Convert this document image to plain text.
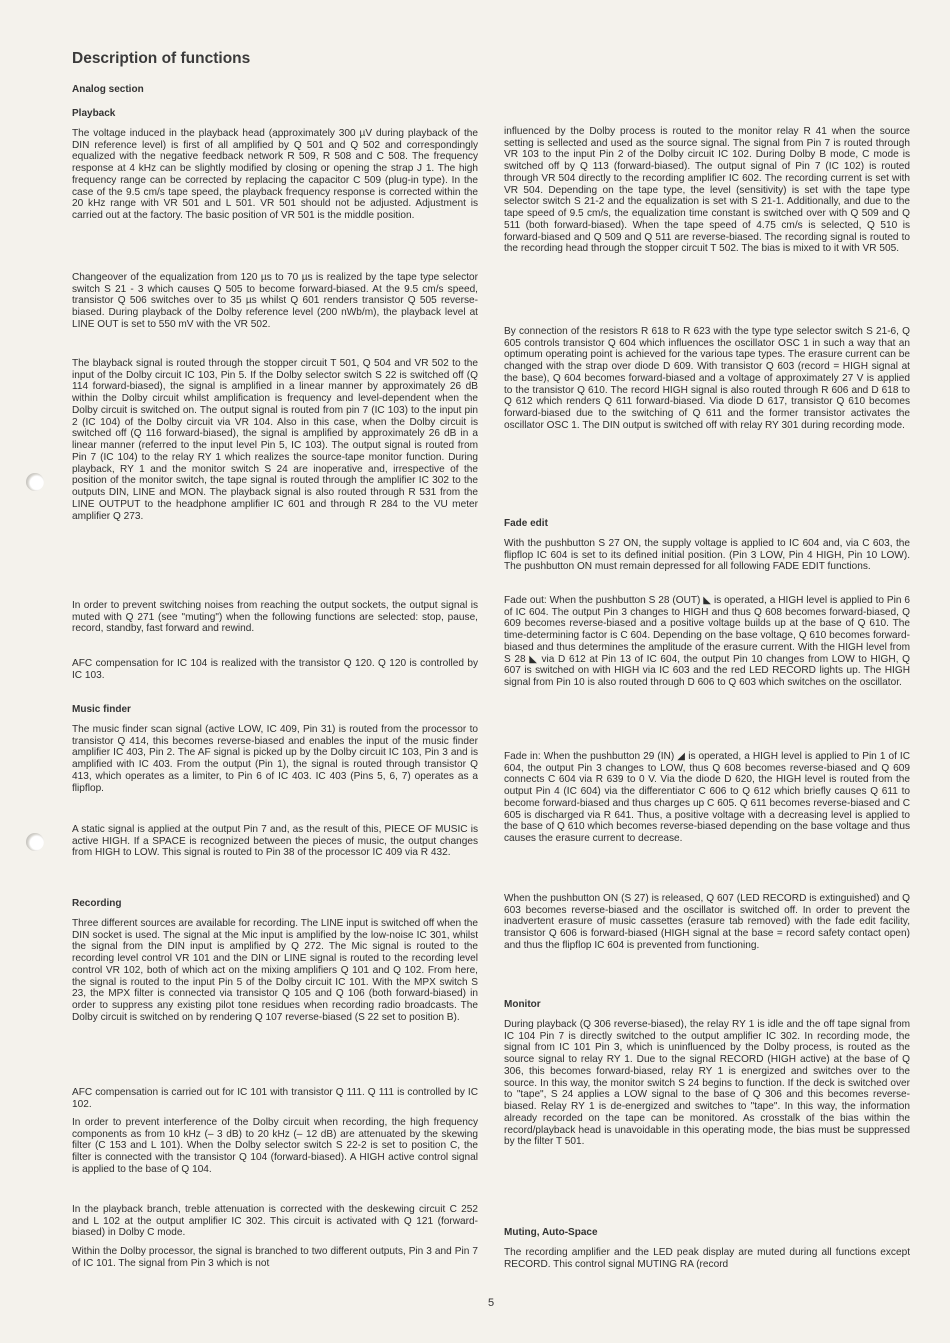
Description of functions
Analog section
Playback

The voltage induced in the playback head (approximately 300 µV during playback of the DIN reference level) is first of all amplified by Q 501 and Q 502 and correspondingly equalized with the negative feedback network R 509, R 508 and C 508. The frequency response at 4 kHz can be slightly modified by closing or opening the strap J 1. The high frequency range can be corrected by replacing the capacitor C 509 (plug-in type). In the case of the 9.5 cm/s tape speed, the playback frequency response is corrected within the 20 kHz range with VR 501 and L 501. VR 501 should not be adjusted. Adjustment is carried out at the factory. The basic position of VR 501 is the middle position.

Changeover of the equalization from 120 µs to 70 µs is realized by the tape type selector switch S 21 - 3 which causes Q 505 to become forward-biased. At the 9.5 cm/s speed, transistor Q 506 switches over to 35 µs whilst Q 601 renders transistor Q 505 reverse-biased. During playback of the Dolby reference level (200 nWb/m), the playback level at LINE OUT is set to 550 mV with the VR 502.

The blayback signal is routed through the stopper circuit T 501, Q 504 and VR 502 to the input of the Dolby circuit IC 103, Pin 5. If the Dolby selector switch S 22 is switched off (Q 114 forward-biased), the signal is amplified in a linear manner by approximately 26 dB within the Dolby circuit whilst amplification is frequency and level-dependent when the Dolby circuit is switched on. The output signal is routed from pin 7 (IC 103) to the input pin 2 (IC 104) of the Dolby circuit via VR 104. Also in this case, when the Dolby circuit is switched off (Q 116 forward-biased), the signal is amplified by approximately 26 dB in a linear manner (referred to the input level Pin 5, IC 103). The output signal is routed from Pin 7 (IC 104) to the relay RY 1 which realizes the source-tape monitor function. During playback, RY 1 and the monitor switch S 24 are inoperative and, irrespective of the position of the monitor switch, the tape signal is routed through the amplifier IC 302 to the outputs DIN, LINE and MON. The playback signal is also routed through R 531 from the LINE OUTPUT to the headphone amplifier IC 601 and through R 284 to the VU meter amplifier Q 273.

In order to prevent switching noises from reaching the output sockets, the output signal is muted with Q 271 (see "muting") when the following functions are selected: stop, pause, record, standby, fast forward and rewind.

AFC compensation for IC 104 is realized with the transistor Q 120. Q 120 is controlled by IC 103.

Music finder

The music finder scan signal (active LOW, IC 409, Pin 31) is routed from the processor to transistor Q 414, this becomes reverse-biased and enables the input of the music finder amplifier IC 403, Pin 2. The AF signal is picked up by the Dolby circuit IC 103, Pin 3 and is amplified with IC 403. From the output (Pin 1), the signal is routed through transistor Q 413, which operates as a limiter, to Pin 6 of IC 403. IC 403 (Pins 5, 6, 7) operates as a flipflop.

A static signal is applied at the output Pin 7 and, as the result of this, PIECE OF MUSIC is active HIGH. If a SPACE is recognized between the pieces of music, the output changes from HIGH to LOW. This signal is routed to Pin 38 of the processor IC 409 via R 432.

Recording

Three different sources are available for recording. The LINE input is switched off when the DIN socket is used. The signal at the Mic input is amplified by the low-noise IC 301, whilst the signal from the DIN input is amplified by Q 272. The Mic signal is routed to the recording level control VR 101 and the DIN or LINE signal is routed to the recording level control VR 102, both of which act on the mixing amplifiers Q 101 and Q 102. From here, the signal is routed to the input Pin 5 of the Dolby circuit IC 101. With the MPX switch S 23, the MPX filter is connected via transistor Q 105 and Q 106 (both forward-biased) in order to suppress any existing pilot tone residues when recording radio broadcasts. The Dolby circuit is switched on by rendering Q 107 reverse-biased (S 22 set to position B).

AFC compensation is carried out for IC 101 with transistor Q 111. Q 111 is controlled by IC 102.

In order to prevent interference of the Dolby circuit when recording, the high frequency components as from 10 kHz (– 3 dB) to 20 kHz (– 12 dB) are attenuated by the skewing filter (C 153 and L 101). When the Dolby selector switch S 22-2 is set to position C, the filter is connected with the transistor Q 104 (forward-biased). A HIGH active control signal is applied to the base of Q 104.

In the playback branch, treble attenuation is corrected with the deskewing circuit C 252 and L 102 at the output amplifier IC 302. This circuit is activated with Q 121 (forward-biased) in Dolby C mode.

Within the Dolby processor, the signal is branched to two different outputs, Pin 3 and Pin 7 of IC 101. The signal from Pin 3 which is not

influenced by the Dolby process is routed to the monitor relay R 41 when the source setting is sellected and used as the source signal. The signal from Pin 7 is routed through VR 103 to the input Pin 2 of the Dolby circuit IC 102. During Dolby B mode, C mode is switched off by Q 113 (forward-biased). The output signal of Pin 7 (IC 102) is routed through VR 504 directly to the recording amplifier IC 602. The recording current is set with VR 504. Depending on the tape type, the level (sensitivity) is set with the tape type selector switch S 21-2 and the equalization is set with S 21-1. Additionally, and due to the tape speed of 9.5 cm/s, the equalization time constant is switched over with Q 509 and Q 511 (both forward-biased). When the tape speed of 4.75 cm/s is selected, Q 510 is forward-biased and Q 509 and Q 511 are reverse-biased. The recording signal is routed to the recording head through the stopper circuit T 502. The bias is mixed to it with VR 505.

By connection of the resistors R 618 to R 623 with the type type selector switch S 21-6, Q 605 controls transistor Q 604 which influences the oscillator OSC 1 in such a way that an optimum operating point is achieved for the various tape types. The erasure current can be changed with the strap over diode D 609. With transistor Q 603 (record = HIGH signal at the base), Q 604 becomes forward-biased and a voltage of approximately 27 V is applied to the transistor Q 610. The record HIGH signal is also routed through R 606 and D 618 to Q 612 which renders Q 611 forward-biased. Via diode D 617, transistor Q 610 becomes forward-biased due to the switching of Q 611 and the former transistor activates the oscillator OSC 1. The DIN output is switched off with relay RY 301 during recording mode.

Fade edit

With the pushbutton S 27 ON, the supply voltage is applied to IC 604 and, via C 603, the flipflop IC 604 is set to its defined initial position. (Pin 3 LOW, Pin 4 HIGH, Pin 10 LOW). The pushbutton ON must remain depressed for all following FADE EDIT functions.

Fade out: When the pushbutton S 28 (OUT) ◣ is operated, a HIGH level is applied to Pin 6 of IC 604. The output Pin 3 changes to HIGH and thus Q 608 becomes forward-biased, Q 609 becomes reverse-biased and a positive voltage builds up at the base of Q 610. The time-determining factor is C 604. Depending on the base voltage, Q 610 becomes forward-biased and thus determines the amplitude of the erasure current. With the HIGH level from S 28 ◣ via D 612 at Pin 13 of IC 604, the output Pin 10 changes from LOW to HIGH, Q 607 is switched on with HIGH via IC 603 and the red LED RECORD lights up. The HIGH signal from Pin 10 is also routed through D 606 to Q 603 which switches on the oscillator.

Fade in: When the pushbutton 29 (IN) ◢ is operated, a HIGH level is applied to Pin 1 of IC 604, the output Pin 3 changes to LOW, thus Q 608 becomes reverse-biased and Q 609 connects C 604 via R 639 to 0 V. Via the diode D 620, the HIGH level is routed from the output Pin 4 (IC 604) via the differentiator C 606 to Q 612 which briefly causes Q 611 to become forward-biased and thus charges up C 605. Q 611 becomes reverse-biased and C 605 is discharged via R 641. Thus, a positive voltage with a decreasing level is applied to the base of Q 610 which becomes reverse-biased depending on the base voltage and thus causes the erasure current to decrease.

When the pushbutton ON (S 27) is released, Q 607 (LED RECORD is extinguished) and Q 603 becomes reverse-biased and the oscillator is switched off. In order to prevent the inadvertent erasure of music cassettes (erasure tab removed) with the fade edit facility, transistor Q 606 is forward-biased (HIGH signal at the base = record safety contact open) and thus the flipflop IC 604 is prevented from functioning.

Monitor

During playback (Q 306 reverse-biased), the relay RY 1 is idle and the off tape signal from IC 104 Pin 7 is directly switched to the output amplifier IC 302. In recording mode, the signal from IC 101 Pin 3, which is uninfluenced by the Dolby process, is routed as the source signal to relay RY 1. Due to the signal RECORD (HIGH active) at the base of Q 306, this becomes forward-biased, relay RY 1 is energized and switches over to the source. In this way, the monitor switch S 24 begins to function. If the deck is switched over to "tape", S 24 applies a LOW signal to the base of Q 306 and this becomes reverse-biased. Relay RY 1 is de-energized and switches to "tape". In this way, the information already recorded on the tape can be monitored. As crosstalk of the bias within the record/playback head is unavoidable in this operating mode, the bias must be suppressed by the filter T 501.

Muting, Auto-Space

The recording amplifier and the LED peak display are muted during all functions except RECORD. This control signal MUTING RA (record

5
